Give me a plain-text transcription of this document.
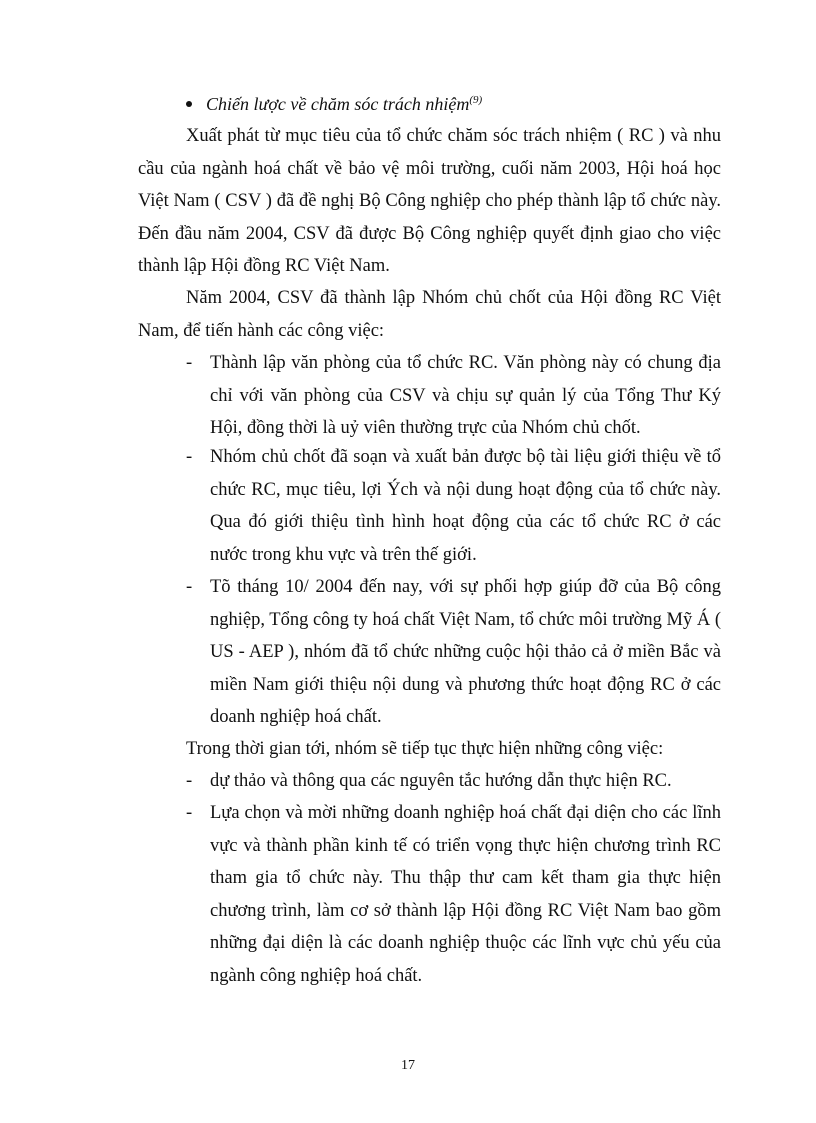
Chiến lược về chăm sóc trách nhiệm$^{(9)}$
Xuất phát từ mục tiêu của tổ chức chăm sóc trách nhiệm ( RC ) và nhu cầu của ngành hoá chất về bảo vệ môi trường, cuối năm 2003, Hội hoá học Việt Nam ( CSV ) đã đề nghị Bộ Công nghiệp cho phép thành lập tổ chức này. Đến đầu năm 2004, CSV đã được Bộ Công nghiệp quyết định giao cho việc thành lập Hội đồng RC Việt Nam.
Năm 2004, CSV đã thành lập Nhóm chủ chốt của Hội đồng RC Việt Nam, để tiến hành các công việc:
- Thành lập văn phòng của tổ chức RC. Văn phòng này có chung địa chỉ với văn phòng của CSV và chịu sự quản lý của Tổng Thư Ký Hội, đồng thời là uỷ viên thường trực của Nhóm chủ chốt.
- Nhóm chủ chốt đã soạn và xuất bản được bộ tài liệu giới thiệu về tổ chức RC, mục tiêu, lợi Ých và nội dung hoạt động của tổ chức này. Qua đó giới thiệu tình hình hoạt động của các tổ chức RC ở các nước trong khu vực và trên thế giới.
- Tõ tháng 10/ 2004 đến nay, với sự phối hợp giúp đỡ của Bộ công nghiệp, Tổng công ty hoá chất Việt Nam, tổ chức môi trường Mỹ Á ( US - AEP ), nhóm đã tổ chức những cuộc hội thảo cả ở miền Bắc và miền Nam giới thiệu nội dung và phương thức hoạt động RC ở các doanh nghiệp hoá chất.
Trong thời gian tới, nhóm sẽ tiếp tục thực hiện những công việc:
- dự thảo và thông qua các nguyên tắc hướng dẫn thực hiện RC.
- Lựa chọn và mời những doanh nghiệp hoá chất đại diện cho các lĩnh vực và thành phần kinh tế có triển vọng thực hiện chương trình RC tham gia tổ chức này. Thu thập thư cam kết tham gia thực hiện chương trình, làm cơ sở thành lập Hội đồng RC Việt Nam bao gồm những đại diện là các doanh nghiệp thuộc các lĩnh vực chủ yếu của ngành công nghiệp hoá chất.
17
